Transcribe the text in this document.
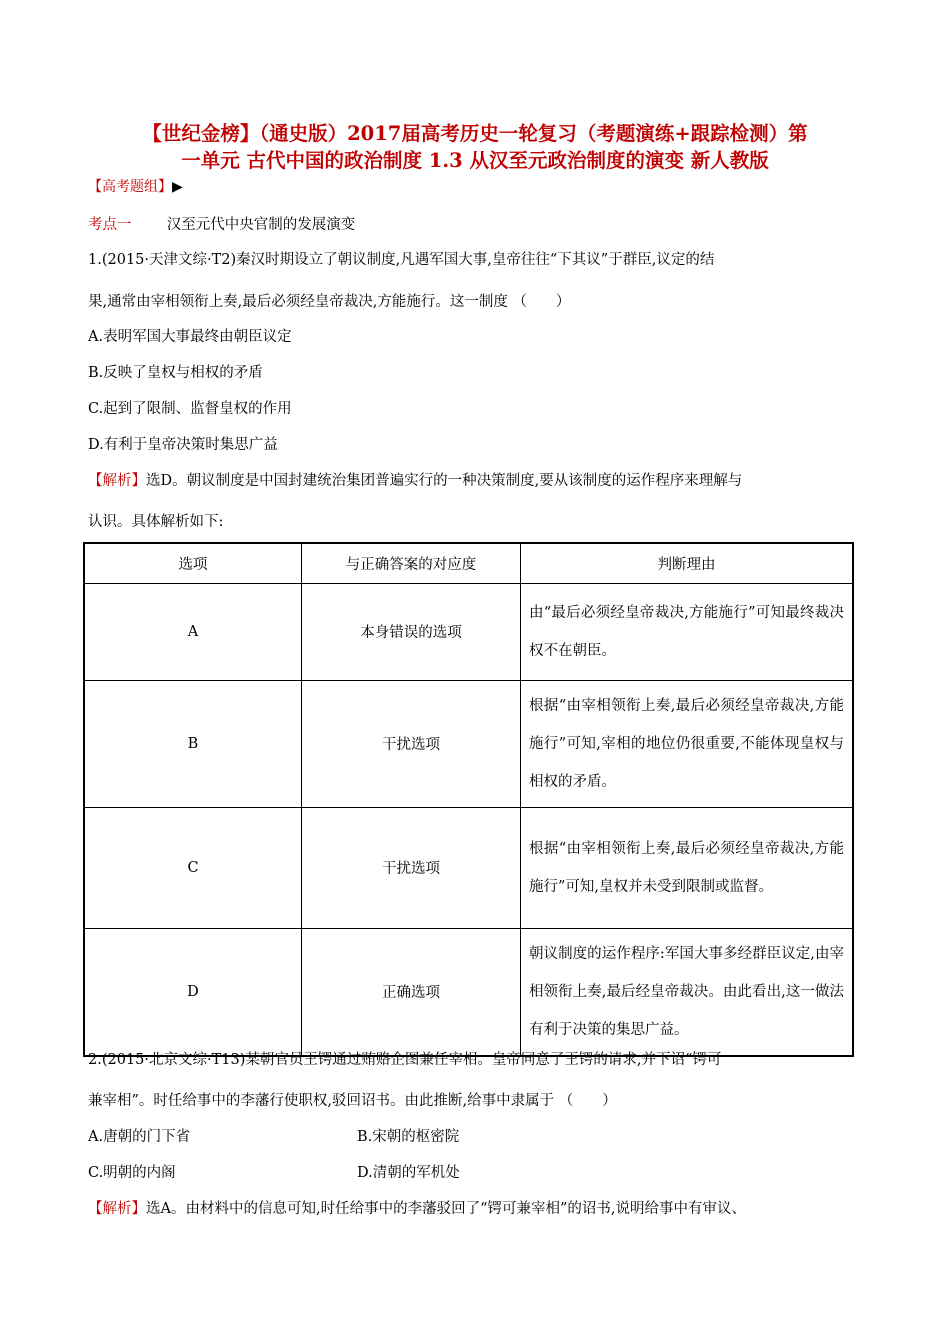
【世纪金榜】（通史版）2017届高考历史一轮复习（考题演练+跟踪检测）第
一单元 古代中国的政治制度 1.3 从汉至元政治制度的演变 新人教版
【高考题组】▶
考点一 汉至元代中央官制的发展演变
1.(2015·天津文综·T2)秦汉时期设立了朝议制度,凡遇军国大事,皇帝往往“下其议”于群臣,议定的结
果,通常由宰相领衔上奏,最后必须经皇帝裁决,方能施行。这一制度 （　　）
A.表明军国大事最终由朝臣议定
B.反映了皇权与相权的矛盾
C.起到了限制、监督皇权的作用
D.有利于皇帝决策时集思广益
【解析】选D。朝议制度是中国封建统治集团普遍实行的一种决策制度,要从该制度的运作程序来理解与
认识。具体解析如下:
选项	与正确答案的对应度	判断理由
A	本身错误的选项	由“最后必须经皇帝裁决,方能施行”可知最终裁决权不在朝臣。
B	干扰选项	根据“由宰相领衔上奏,最后必须经皇帝裁决,方能施行”可知,宰相的地位仍很重要,不能体现皇权与相权的矛盾。
C	干扰选项	根据“由宰相领衔上奏,最后必须经皇帝裁决,方能施行”可知,皇权并未受到限制或监督。
D	正确选项	朝议制度的运作程序:军国大事多经群臣议定,由宰相领衔上奏,最后经皇帝裁决。由此看出,这一做法有利于决策的集思广益。
2.(2015·北京文综·T13)某朝官员王锷通过贿赂企图兼任宰相。皇帝同意了王锷的请求,并下诏“锷可
兼宰相”。时任给事中的李藩行使职权,驳回诏书。由此推断,给事中隶属于 （　　）
A.唐朝的门下省	B.宋朝的枢密院
C.明朝的内阁	D.清朝的军机处
【解析】选A。由材料中的信息可知,时任给事中的李藩驳回了“锷可兼宰相”的诏书,说明给事中有审议、
